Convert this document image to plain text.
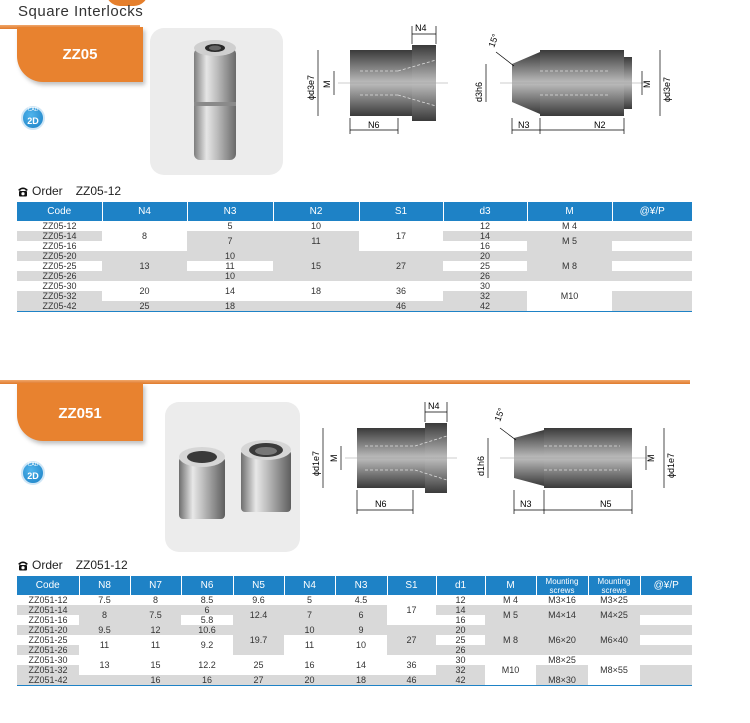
Square Interlocks
ZZ05
CAD
2D
N4
ϕd3e7 M
N6
15°
d3h6	M ϕd3e7
N3	N2
Order ZZ05-12
Code	N4	N3	N2	S1	d3	M	@¥/P
ZZ05-12	8	5	10	17	12	M 4	
ZZ05-14		7	11		14	M 5	
ZZ05-16					16		
ZZ05-20	13	10	15	27	20	M 8	
ZZ05-25		11			25		
ZZ05-26		10			26		
ZZ05-30	20	14	18	36	30	M10	
ZZ05-32					32		
ZZ05-42	25	18		46	42		
ZZ051
CAD
2D
N4
ϕd1e7 M
N6
15°
d1h6	M ϕd1e7
N3	N5
Order ZZ051-12
Code	N8	N7	N6	N5	N4	N3	S1	d1	M	Mounting screws	Mounting screws	@¥/P
ZZ051-12	7.5	8	8.5	9.6	5	4.5	17	12	M 4	M3×16	M3×25	
ZZ051-14	8	7.5	6	12.4	7	6		14	M 5	M4×14	M4×25	
ZZ051-16			5.8					16				
ZZ051-20	9.5	12	10.6	19.7	10	9	27	20	M 8	M6×20	M6×40	
ZZ051-25	11	11	9.2		11	10		25				
ZZ051-26								26				
ZZ051-30	13	15	12.2	25	16	14	36	30	M10	M8×25	M8×55	
ZZ051-32								32				
ZZ051-42		16	16	27	20	18	46	42		M8×30		
